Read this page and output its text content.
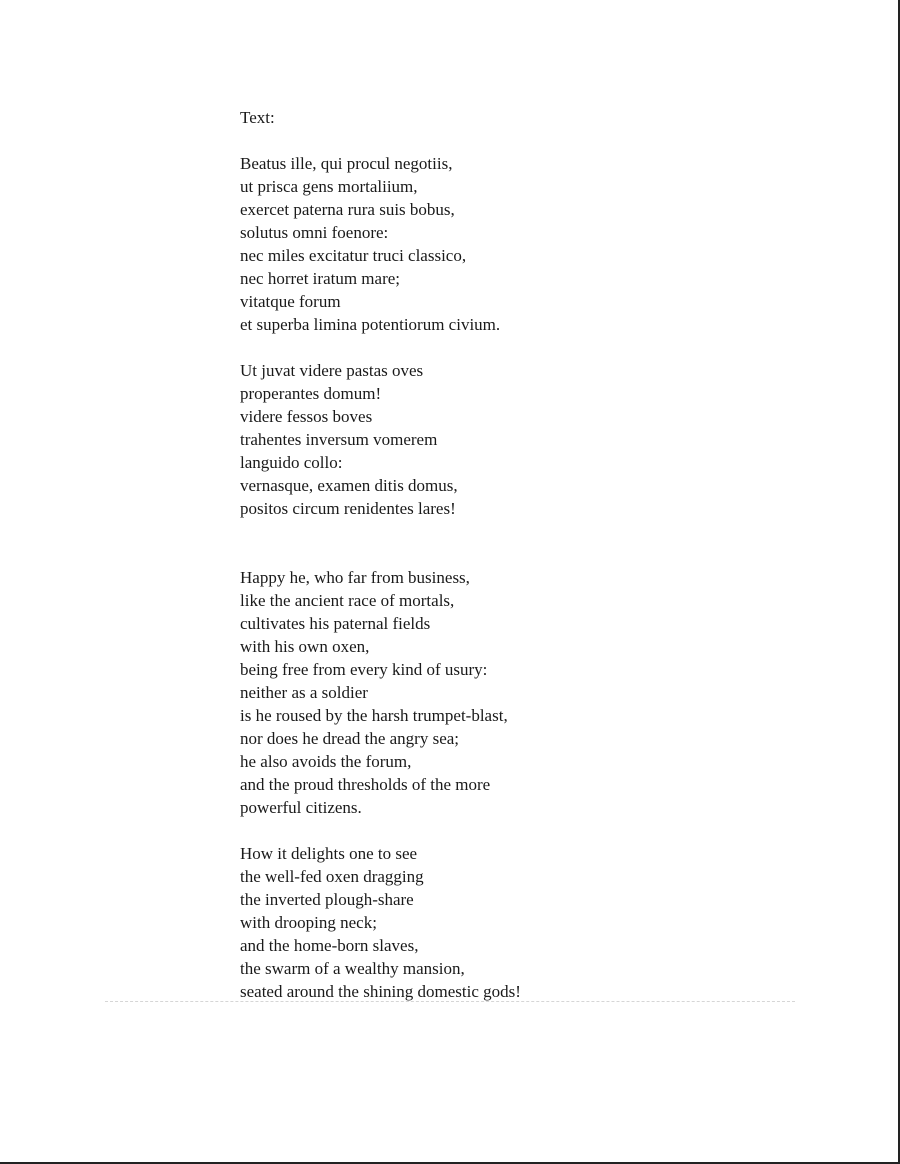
Text:
Beatus ille, qui procul negotiis,
ut prisca gens mortaliium,
exercet paterna rura suis bobus,
solutus omni foenore:
nec miles excitatur truci classico,
nec horret iratum mare;
vitatque forum
et superba limina potentiorum civium.
Ut juvat videre pastas oves
properantes domum!
videre fessos boves
trahentes inversum vomerem
languido collo:
vernasque, examen ditis domus,
positos circum renidentes lares!
Happy he, who far from business,
like the ancient race of mortals,
cultivates his paternal fields
with his own oxen,
being free from every kind of usury:
neither as a soldier
is he roused by the harsh trumpet-blast,
nor does he dread the angry sea;
he also avoids the forum,
and the proud thresholds of the more
powerful citizens.
How it delights one to see
the well-fed oxen dragging
the inverted plough-share
with drooping neck;
and the home-born slaves,
the swarm of a wealthy mansion,
seated around the shining domestic gods!
